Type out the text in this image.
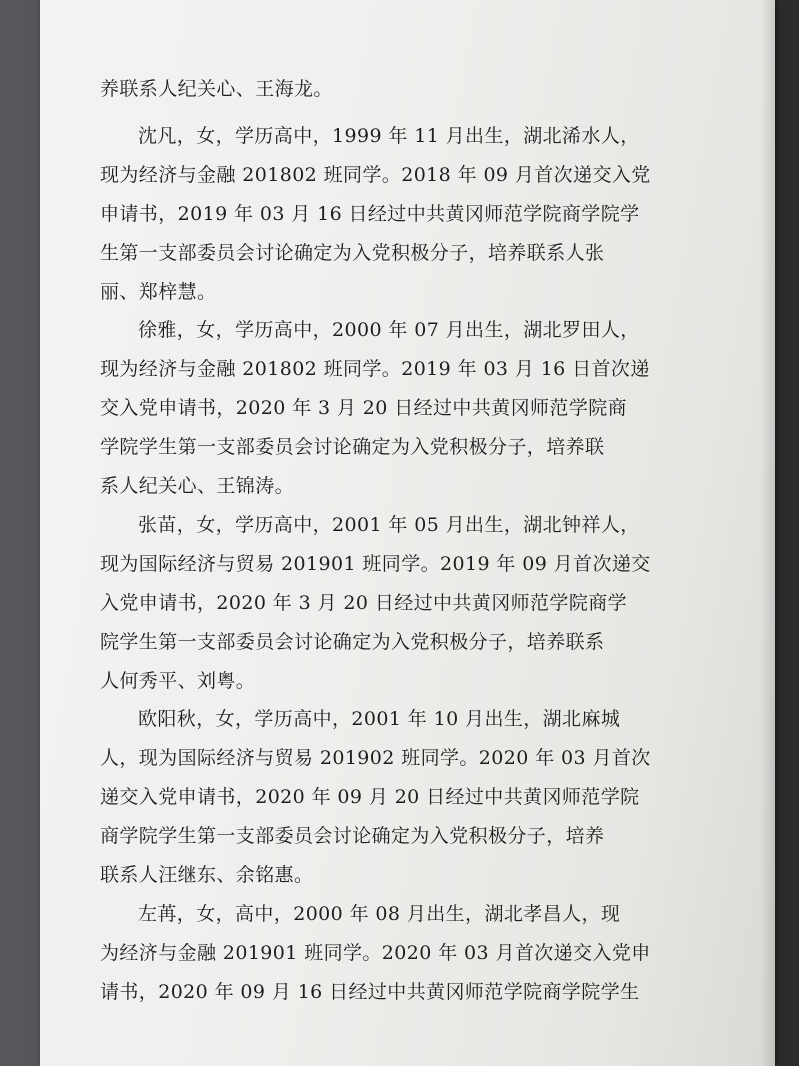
养联系人纪关心、王海龙。
沈凡，女，学历高中，1999 年 11 月出生，湖北浠水人，
现为经济与金融 201802 班同学。2018 年 09 月首次递交入党
申请书，2019 年 03 月 16 日经过中共黄冈师范学院商学院学
生第一支部委员会讨论确定为入党积极分子，培养联系人张
丽、郑梓慧。
徐雅，女，学历高中，2000 年 07 月出生，湖北罗田人，
现为经济与金融 201802 班同学。2019 年 03 月 16 日首次递
交入党申请书，2020 年 3 月 20 日经过中共黄冈师范学院商
学院学生第一支部委员会讨论确定为入党积极分子，培养联
系人纪关心、王锦涛。
张苗，女，学历高中，2001 年 05 月出生，湖北钟祥人，
现为国际经济与贸易 201901 班同学。2019 年 09 月首次递交
入党申请书，2020 年 3 月 20 日经过中共黄冈师范学院商学
院学生第一支部委员会讨论确定为入党积极分子，培养联系
人何秀平、刘粤。
欧阳秋，女，学历高中，2001 年 10 月出生，湖北麻城
人，现为国际经济与贸易 201902 班同学。2020 年 03 月首次
递交入党申请书，2020 年 09 月 20 日经过中共黄冈师范学院
商学院学生第一支部委员会讨论确定为入党积极分子，培养
联系人汪继东、余铭惠。
左苒，女，高中，2000 年 08 月出生，湖北孝昌人，现
为经济与金融 201901 班同学。2020 年 03 月首次递交入党申
请书，2020 年 09 月 16 日经过中共黄冈师范学院商学院学生
